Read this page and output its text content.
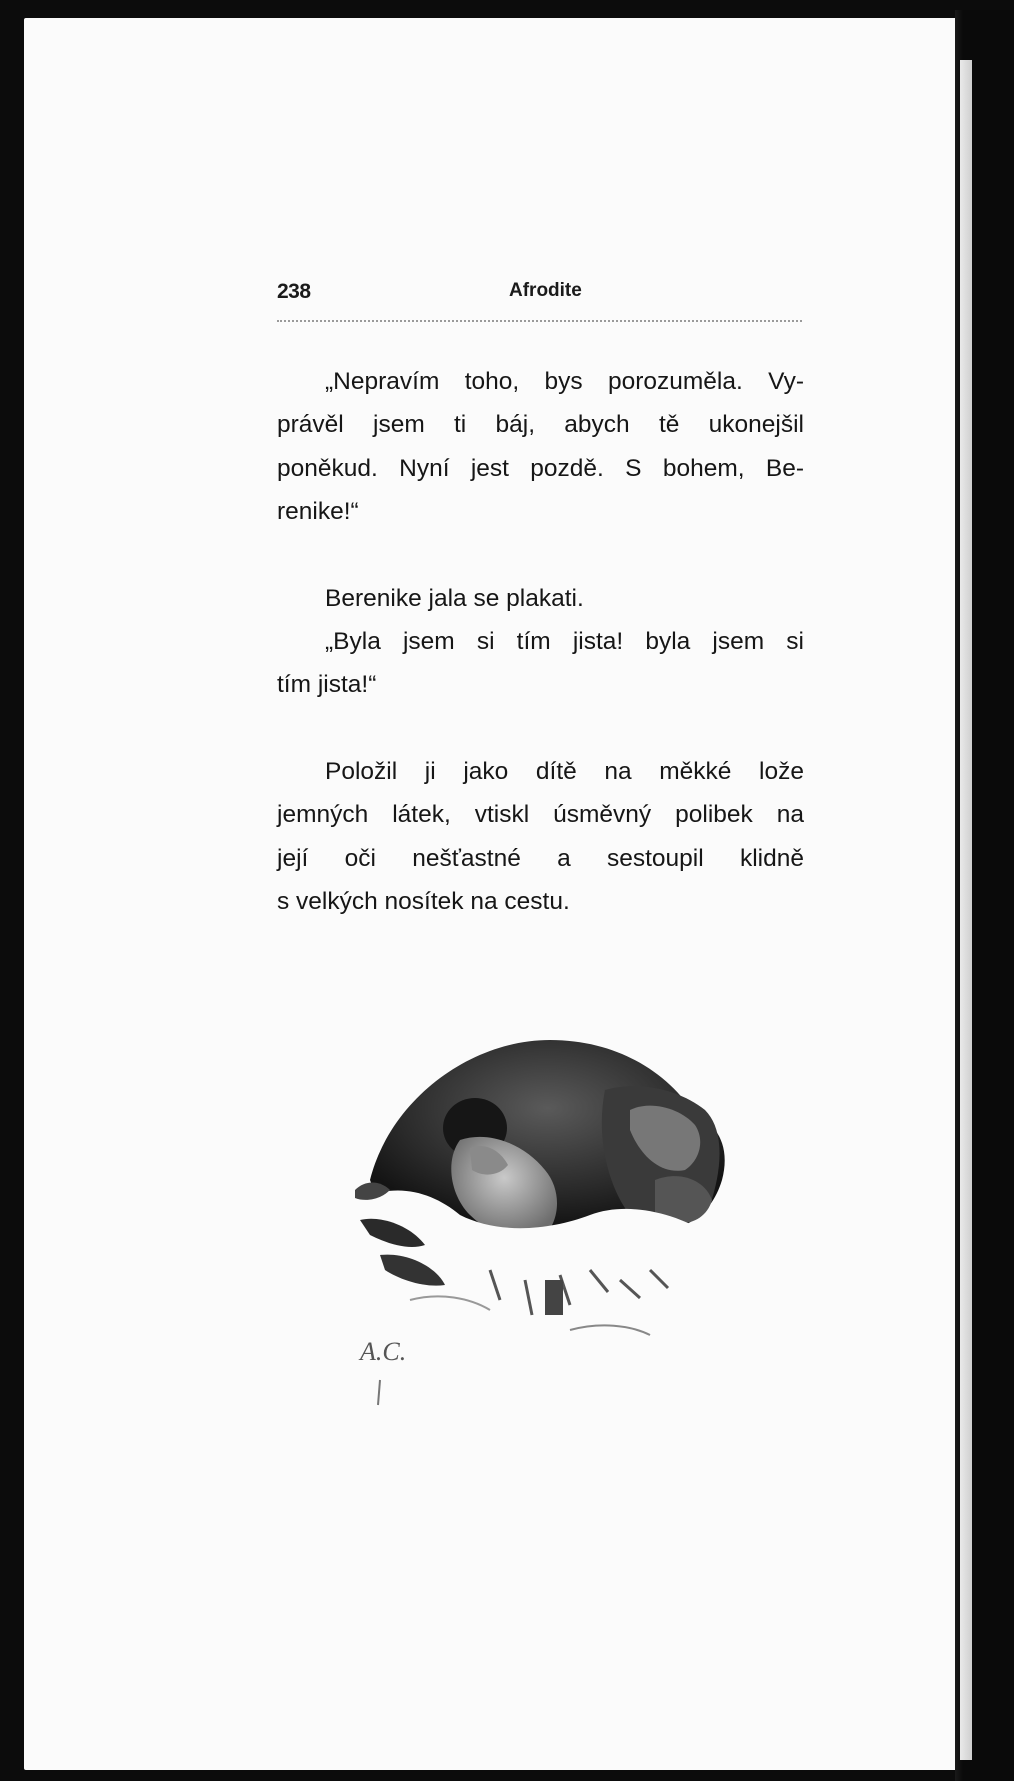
238	Afrodite

„Nepravím toho, bys porozuměla. Vy-
právěl jsem ti báj, abych tě ukonejšil
poněkud. Nyní jest pozdě. S bohem, Be-
renike!“

Berenike jala se plakati.

„Byla jsem si tím jista! byla jsem si
tím jista!“

Položil ji jako dítě na měkké lože
jemných látek, vtiskl úsměvný polibek na
její oči nešťastné a sestoupil klidně
s velkých nosítek na cestu.

A.C.
